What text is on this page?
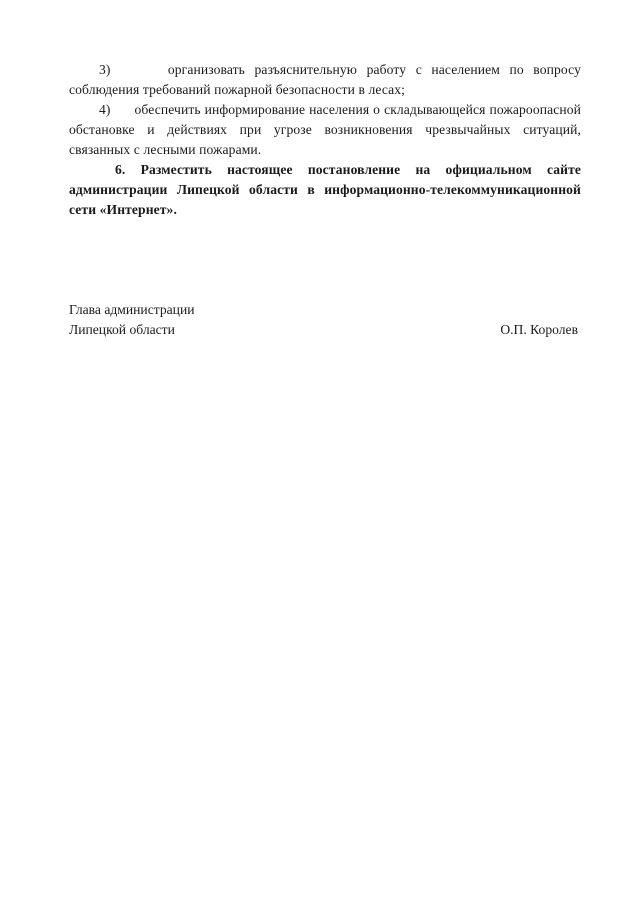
3)      организовать разъяснительную работу с населением по вопросу соблюдения требований пожарной безопасности в лесах;

4)      обеспечить информирование населения о складывающейся пожароопасной обстановке и действиях при угрозе возникновения чрезвычайных ситуаций, связанных с лесными пожарами.

6. Разместить настоящее постановление на официальном сайте администрации Липецкой области в информационно-телекоммуникационной сети «Интернет».

Глава администрации
Липецкой области	О.П. Королев
